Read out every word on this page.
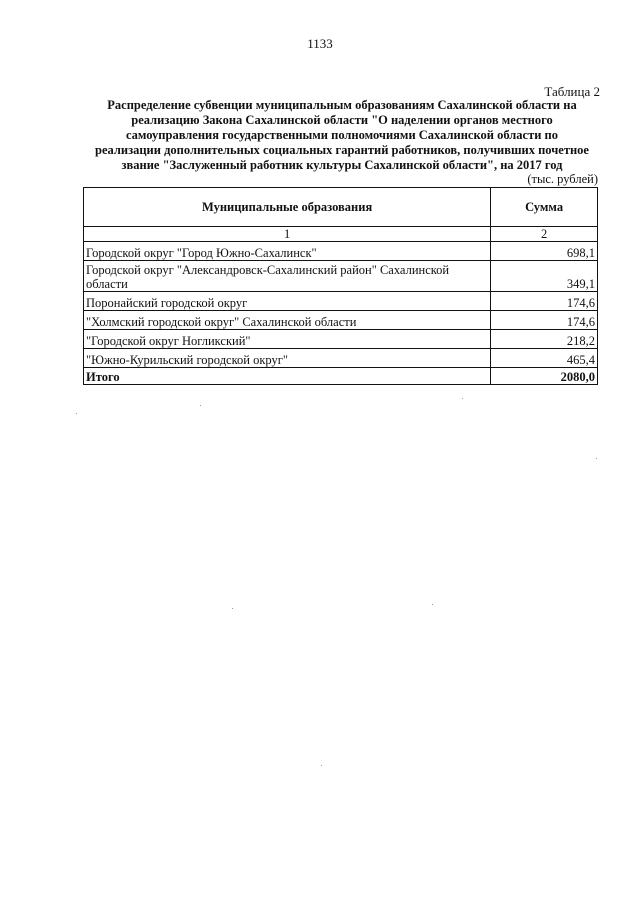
1133
Таблица 2
Распределение субвенции муниципальным образованиям Сахалинской области на
реализацию Закона Сахалинской области "О наделении органов местного
самоуправления государственными полномочиями Сахалинской области по
реализации дополнительных социальных гарантий работников, получивших почетное
звание "Заслуженный работник культуры Сахалинской области", на 2017 год
(тыс. рублей)
Муниципальные образования	Сумма
1	2
Городской округ "Город Южно-Сахалинск"	698,1
Городской округ "Александровск-Сахалинский район" Сахалинской области	349,1
Поронайский городской округ	174,6
"Холмский городской округ" Сахалинской области	174,6
"Городской округ Ногликский"	218,2
"Южно-Курильский городской округ"	465,4
Итого	2080,0
